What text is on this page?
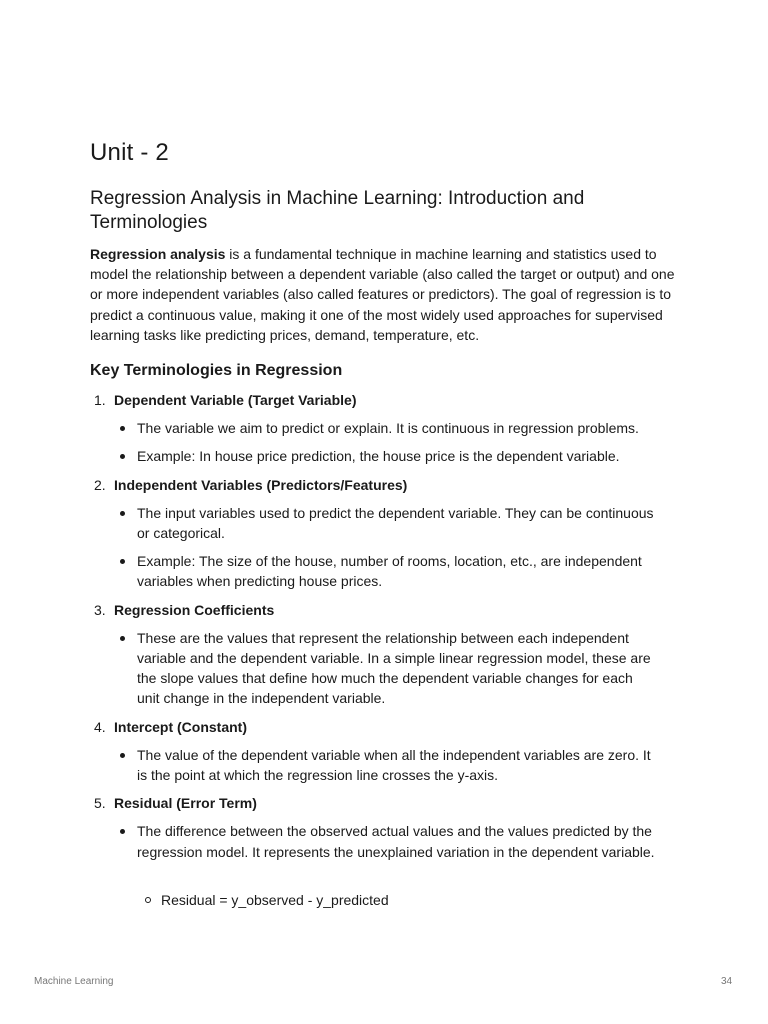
Unit - 2
Regression Analysis in Machine Learning: Introduction and Terminologies

Regression analysis is a fundamental technique in machine learning and statistics used to model the relationship between a dependent variable (also called the target or output) and one or more independent variables (also called features or predictors). The goal of regression is to predict a continuous value, making it one of the most widely used approaches for supervised learning tasks like predicting prices, demand, temperature, etc.

Key Terminologies in Regression
1. Dependent Variable (Target Variable)
The variable we aim to predict or explain. It is continuous in regression problems.
Example: In house price prediction, the house price is the dependent variable.
2. Independent Variables (Predictors/Features)
The input variables used to predict the dependent variable. They can be continuous or categorical.
Example: The size of the house, number of rooms, location, etc., are independent variables when predicting house prices.
3. Regression Coefficients
These are the values that represent the relationship between each independent variable and the dependent variable. In a simple linear regression model, these are the slope values that define how much the dependent variable changes for each unit change in the independent variable.
4. Intercept (Constant)
The value of the dependent variable when all the independent variables are zero. It is the point at which the regression line crosses the y-axis.
5. Residual (Error Term)
The difference between the observed actual values and the values predicted by the regression model. It represents the unexplained variation in the dependent variable.
Residual = y_observed - y_predicted
Machine Learning	34
